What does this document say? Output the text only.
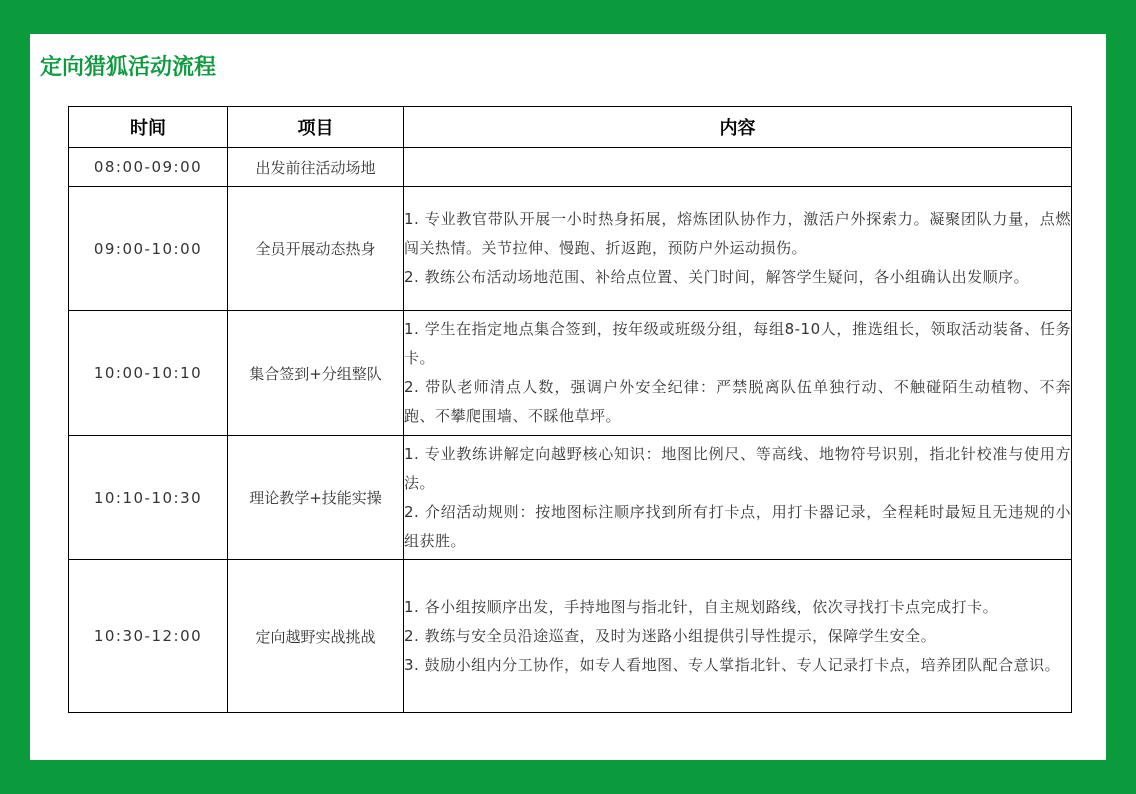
定向猎狐活动流程
时间	项目	内容
08:00-09:00	出发前往活动场地	
09:00-10:00	全员开展动态热身	1. 专业教官带队开展一小时热身拓展，熔炼团队协作力，激活户外探索力。凝聚团队力量，点燃闯关热情。关节拉伸、慢跑、折返跑，预防户外运动损伤。
2. 教练公布活动场地范围、补给点位置、关门时间，解答学生疑问，各小组确认出发顺序。

10:00-10:10	集合签到+分组整队	1. 学生在指定地点集合签到，按年级或班级分组，每组8-10人，推选组长，领取活动装备、任务卡。
2. 带队老师清点人数，强调户外安全纪律：严禁脱离队伍单独行动、不触碰陌生动植物、不奔跑、不攀爬围墙、不睬他草坪。

10:10-10:30	理论教学+技能实操	1. 专业教练讲解定向越野核心知识：地图比例尺、等高线、地物符号识别，指北针校准与使用方法。
2. 介绍活动规则：按地图标注顺序找到所有打卡点，用打卡器记录，全程耗时最短且无违规的小组获胜。

10:30-12:00	定向越野实战挑战	1. 各小组按顺序出发，手持地图与指北针，自主规划路线，依次寻找打卡点完成打卡。
2. 教练与安全员沿途巡查，及时为迷路小组提供引导性提示，保障学生安全。
3. 鼓励小组内分工协作，如专人看地图、专人掌指北针、专人记录打卡点，培养团队配合意识。
